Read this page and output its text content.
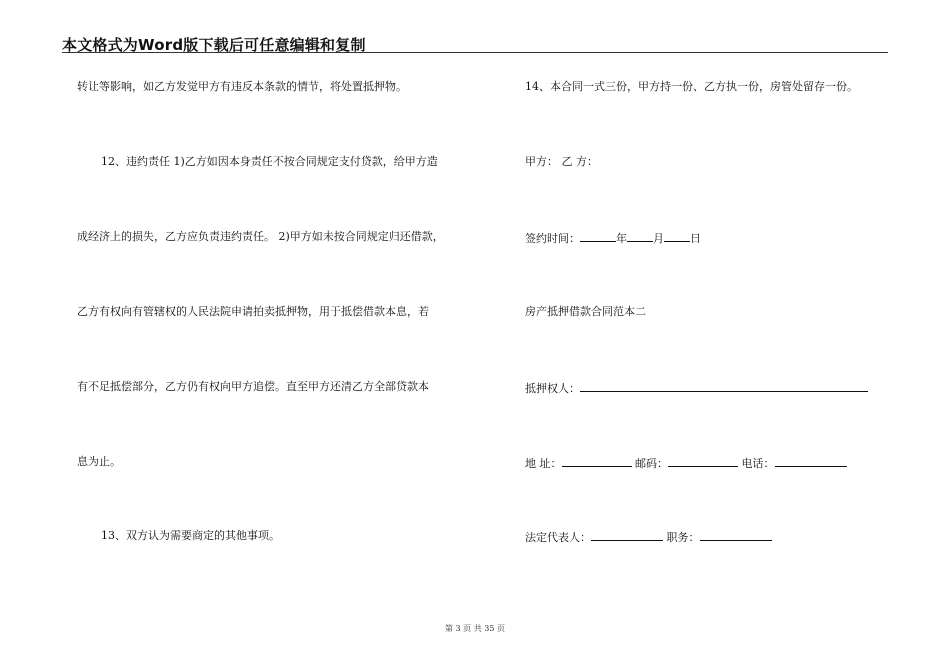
本文格式为Word版下载后可任意编辑和复制
转让等影响，如乙方发觉甲方有违反本条款的情节，将处置抵押物。
12、违约责任 1)乙方如因本身责任不按合同规定支付贷款，给甲方造
成经济上的损失，乙方应负责违约责任。 2)甲方如未按合同规定归还借款，
乙方有权向有管辖权的人民法院申请拍卖抵押物，用于抵偿借款本息，若
有不足抵偿部分，乙方仍有权向甲方追偿。直至甲方还清乙方全部贷款本
息为止。
13、双方认为需要商定的其他事项。
14、本合同一式三份，甲方持一份、乙方执一份，房管处留存一份。
甲方： 乙 方：
签约时间：	年 月 日
房产抵押借款合同范本二
抵押权人：
地 址：	邮码：	电话：
法定代表人：	职务：
第 3 页 共 35 页
